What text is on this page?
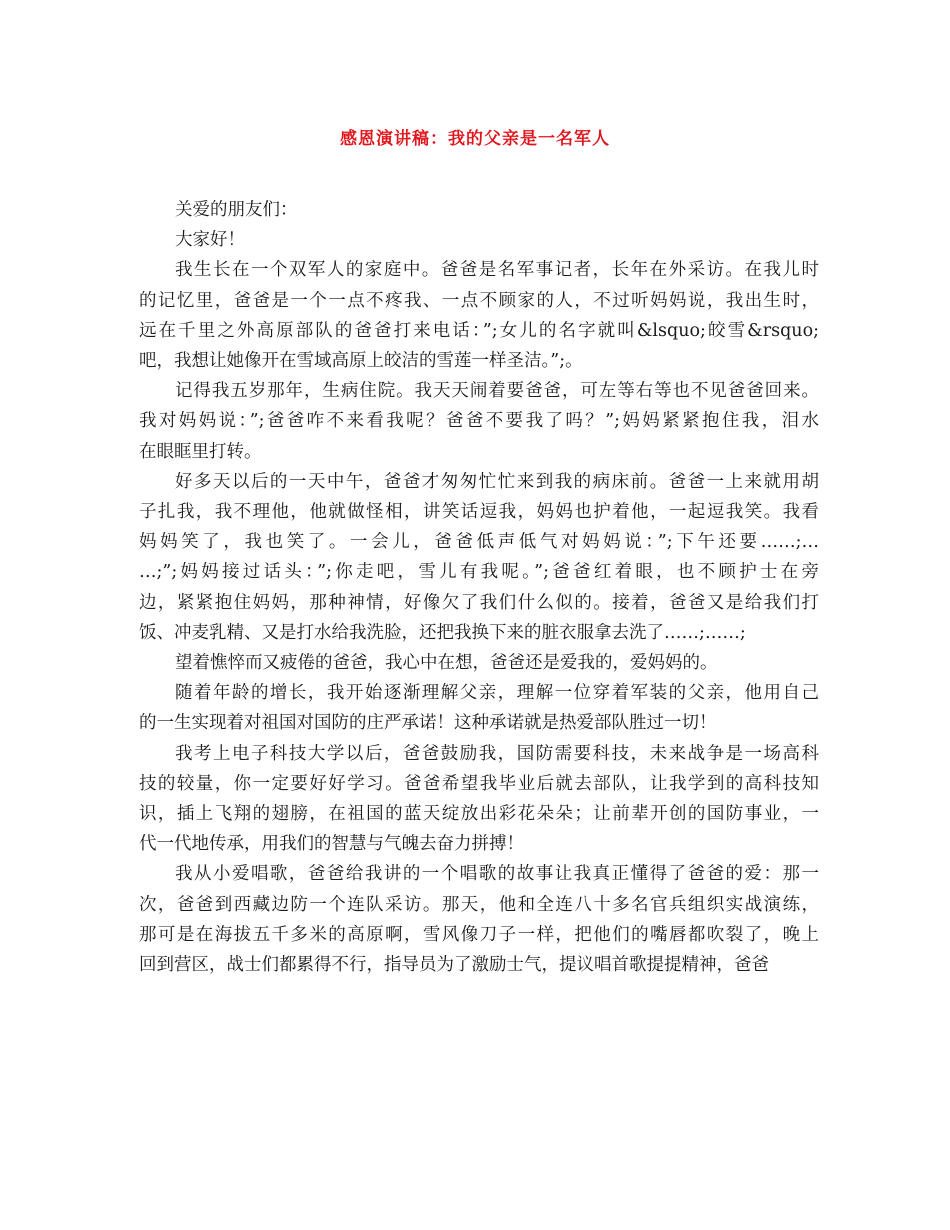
感恩演讲稿：我的父亲是一名军人

关爱的朋友们：

大家好！

我生长在一个双军人的家庭中。爸爸是名军事记者，长年在外采访。在我儿时
的记忆里，爸爸是一个一点不疼我、一点不顾家的人，不过听妈妈说，我出生时，
远在千里之外高原部队的爸爸打来电话：”;女儿的名字就叫&lsquo;皎雪&rsquo;
吧，我想让她像开在雪域高原上皎洁的雪莲一样圣洁。”;。

记得我五岁那年，生病住院。我天天闹着要爸爸，可左等右等也不见爸爸回来。
我对妈妈说：”;爸爸咋不来看我呢？爸爸不要我了吗？”;妈妈紧紧抱住我，泪水
在眼眶里打转。

好多天以后的一天中午，爸爸才匆匆忙忙来到我的病床前。爸爸一上来就用胡
子扎我，我不理他，他就做怪相，讲笑话逗我，妈妈也护着他，一起逗我笑。我看
妈妈笑了，我也笑了。一会儿，爸爸低声低气对妈妈说：”;下午还要……;…
…;”;妈妈接过话头：”;你走吧，雪儿有我呢。”;爸爸红着眼，也不顾护士在旁
边，紧紧抱住妈妈，那种神情，好像欠了我们什么似的。接着，爸爸又是给我们打
饭、冲麦乳精、又是打水给我洗脸，还把我换下来的脏衣服拿去洗了……;……;

望着憔悴而又疲倦的爸爸，我心中在想，爸爸还是爱我的，爱妈妈的。

随着年龄的增长，我开始逐渐理解父亲，理解一位穿着军装的父亲，他用自己
的一生实现着对祖国对国防的庄严承诺！这种承诺就是热爱部队胜过一切！

我考上电子科技大学以后，爸爸鼓励我，国防需要科技，未来战争是一场高科
技的较量，你一定要好好学习。爸爸希望我毕业后就去部队，让我学到的高科技知
识，插上飞翔的翅膀，在祖国的蓝天绽放出彩花朵朵；让前辈开创的国防事业，一
代一代地传承，用我们的智慧与气魄去奋力拼搏！

我从小爱唱歌，爸爸给我讲的一个唱歌的故事让我真正懂得了爸爸的爱：那一
次，爸爸到西藏边防一个连队采访。那天，他和全连八十多名官兵组织实战演练，
那可是在海拔五千多米的高原啊，雪风像刀子一样，把他们的嘴唇都吹裂了，晚上
回到营区，战士们都累得不行，指导员为了激励士气，提议唱首歌提提精神，爸爸
